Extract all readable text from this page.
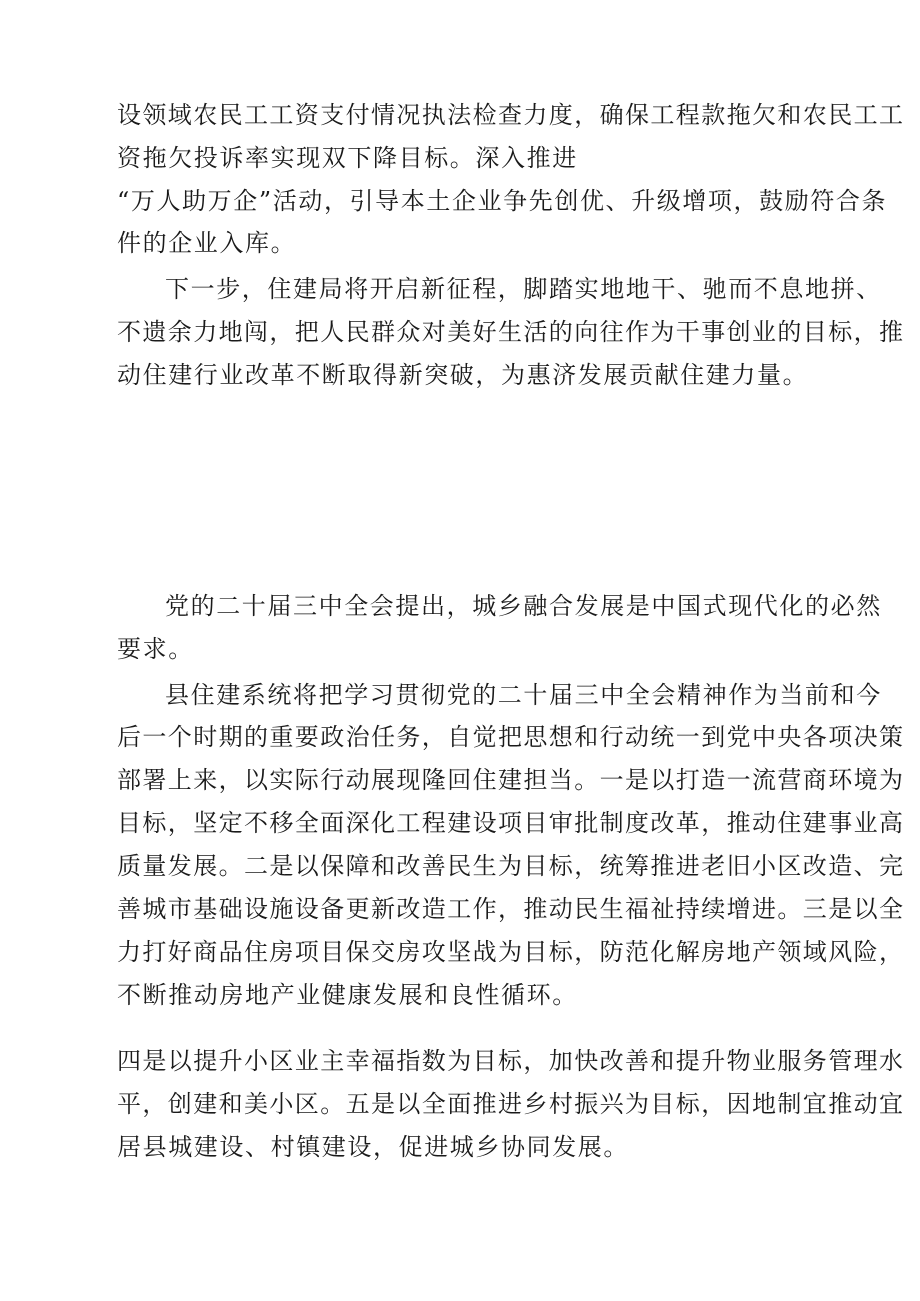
设领域农民工工资支付情况执法检查力度，确保工程款拖欠和农民工工
资拖欠投诉率实现双下降目标。深入推进
“万人助万企”活动，引导本土企业争先创优、升级增项，鼓励符合条
件的企业入库。
下一步，住建局将开启新征程，脚踏实地地干、驰而不息地拼、
不遗余力地闯，把人民群众对美好生活的向往作为干事创业的目标，推
动住建行业改革不断取得新突破，为惠济发展贡献住建力量。
党的二十届三中全会提出，城乡融合发展是中国式现代化的必然
要求。
县住建系统将把学习贯彻党的二十届三中全会精神作为当前和今
后一个时期的重要政治任务，自觉把思想和行动统一到党中央各项决策
部署上来，以实际行动展现隆回住建担当。一是以打造一流营商环境为
目标，坚定不移全面深化工程建设项目审批制度改革，推动住建事业高
质量发展。二是以保障和改善民生为目标，统筹推进老旧小区改造、完
善城市基础设施设备更新改造工作，推动民生福祉持续增进。三是以全
力打好商品住房项目保交房攻坚战为目标，防范化解房地产领域风险，
不断推动房地产业健康发展和良性循环。
四是以提升小区业主幸福指数为目标，加快改善和提升物业服务管理水
平，创建和美小区。五是以全面推进乡村振兴为目标，因地制宜推动宜
居县城建设、村镇建设，促进城乡协同发展。
